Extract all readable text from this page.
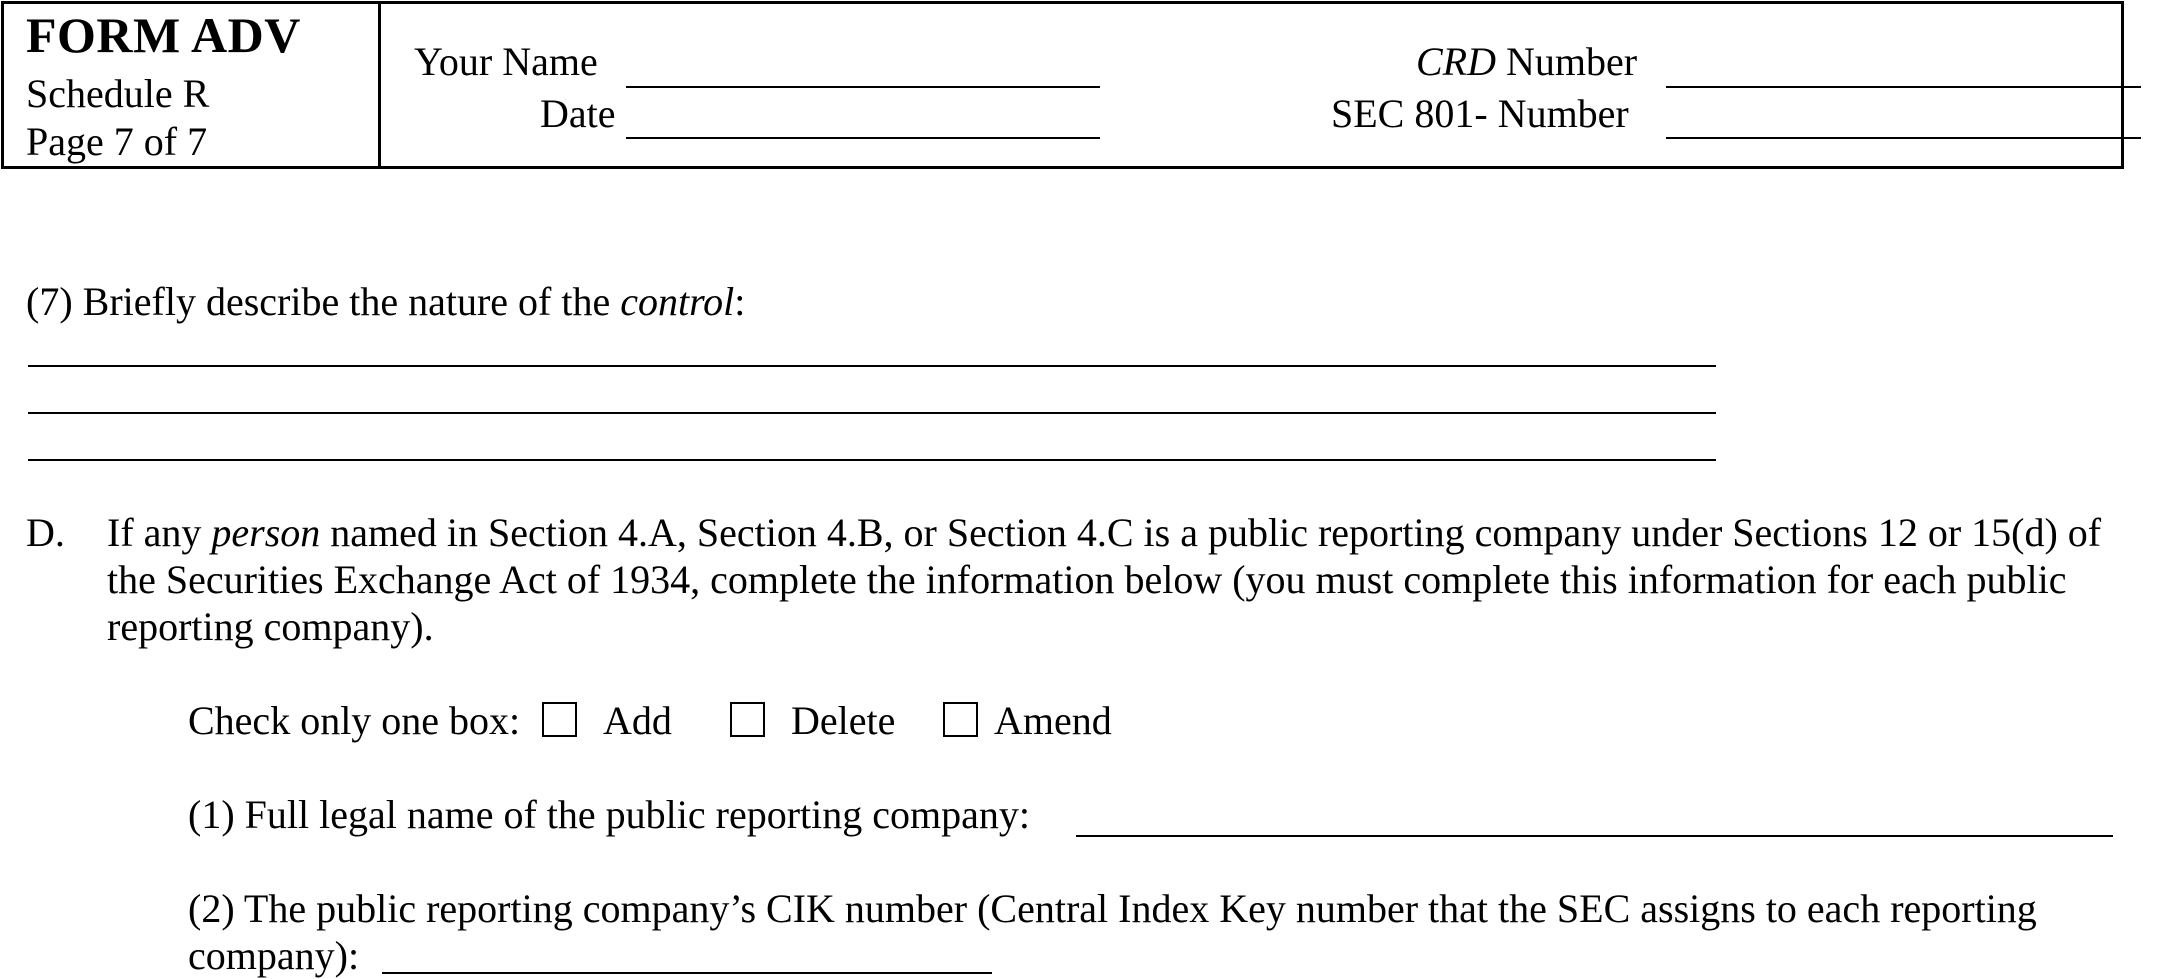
FORM ADV
Schedule R
Page 7 of 7
Your Name
Date
CRD Number
SEC 801- Number
(7) Briefly describe the nature of the control:
D. If any person named in Section 4.A, Section 4.B, or Section 4.C is a public reporting company under Sections 12 or 15(d) of
the Securities Exchange Act of 1934, complete the information below (you must complete this information for each public
reporting company).
Check only one box: Add	Delete Amend
(1) Full legal name of the public reporting company:
(2) The public reporting company’s CIK number (Central Index Key number that the SEC assigns to each reporting
company):
